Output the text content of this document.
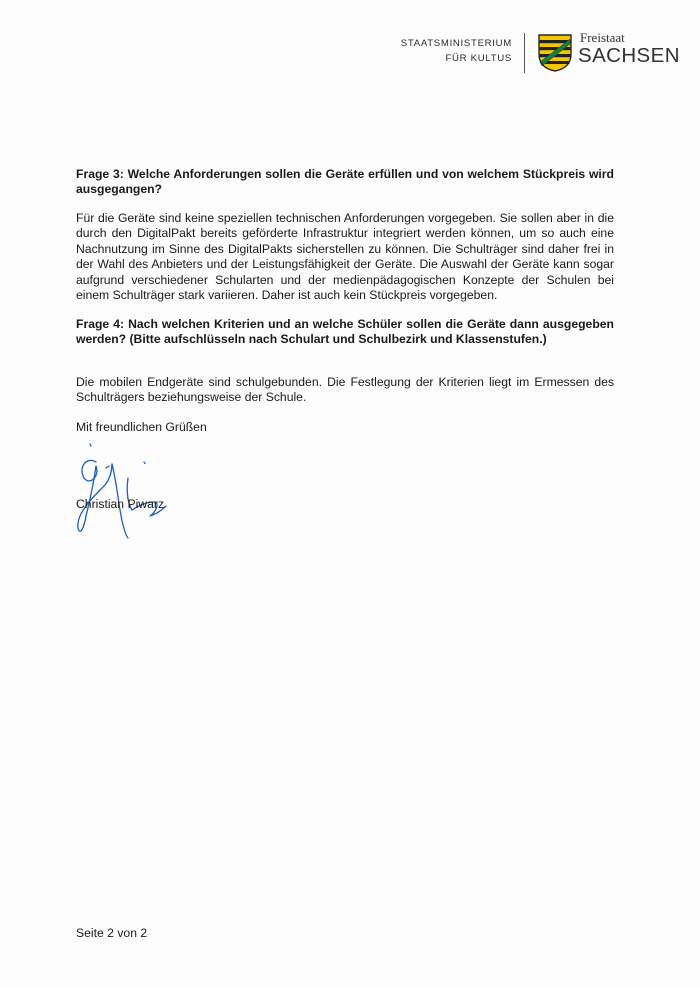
STAATSMINISTERIUM
FÜR KULTUS
Freistaat
SACHSEN
Frage 3: Welche Anforderungen sollen die Geräte erfüllen und von welchem Stückpreis wird ausgegangen?
Für die Geräte sind keine speziellen technischen Anforderungen vorgegeben. Sie sollen aber in die durch den DigitalPakt bereits geförderte Infrastruktur integriert werden können, um so auch eine Nachnutzung im Sinne des DigitalPakts sicherstellen zu können. Die Schulträger sind daher frei in der Wahl des Anbieters und der Leistungsfähigkeit der Geräte. Die Auswahl der Geräte kann sogar aufgrund verschiedener Schularten und der medienpädagogischen Konzepte der Schulen bei einem Schulträger stark variieren. Daher ist auch kein Stückpreis vorgegeben.
Frage 4: Nach welchen Kriterien und an welche Schüler sollen die Geräte dann ausgegeben werden? (Bitte aufschlüsseln nach Schulart und Schulbezirk und Klassenstufen.)
Die mobilen Endgeräte sind schulgebunden. Die Festlegung der Kriterien liegt im Ermessen des Schulträgers beziehungsweise der Schule.
Mit freundlichen Grüßen
Christian Piwarz
Seite 2 von 2
